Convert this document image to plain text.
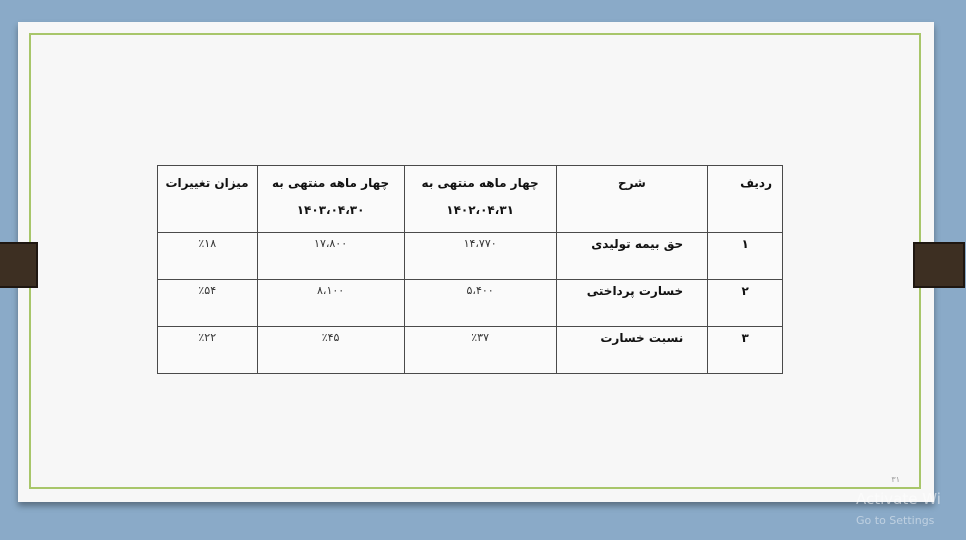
ردیف	شرح	چهار ماهه منتهی به ۱۴۰۲،۰۴،۳۱	چهار ماهه منتهی به ۱۴۰۳،۰۴،۳۰	میزان تغییرات
۱	حق بیمه تولیدی	۱۴،۷۷۰	۱۷،۸۰۰	٪۱۸
۲	خسارت پرداختی	۵،۴۰۰	۸،۱۰۰	٪۵۴
۳	نسبت خسارت	٪۳۷	٪۴۵	٪۲۲
۳۱
Activate Wi
Go to Settings
